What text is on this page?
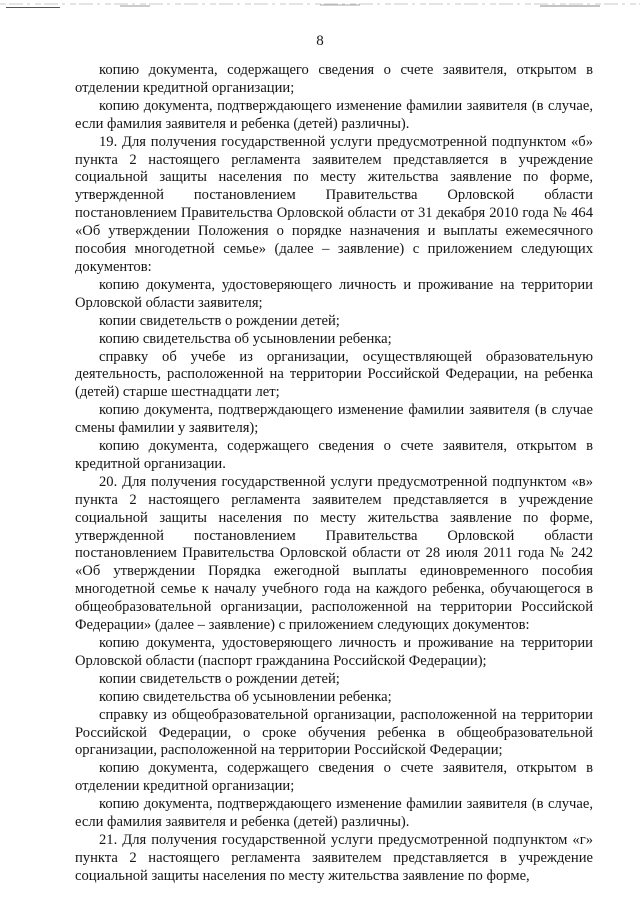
8

копию документа, содержащего сведения о счете заявителя, открытом в отделении кредитной организации;

копию документа, подтверждающего изменение фамилии заявителя (в случае, если фамилия заявителя и ребенка (детей) различны).

19. Для получения государственной услуги предусмотренной подпунктом «б» пункта 2 настоящего регламента заявителем представляется в учреждение социальной защиты населения по месту жительства заявление по форме, утвержденной постановлением Правительства Орловской области постановлением Правительства Орловской области от 31 декабря 2010 года № 464 «Об утверждении Положения о порядке назначения и выплаты ежемесячного пособия многодетной семье» (далее – заявление) с приложением следующих документов:

копию документа, удостоверяющего личность и проживание на территории Орловской области заявителя;

копии свидетельств о рождении детей;

копию свидетельства об усыновлении ребенка;

справку об учебе из организации, осуществляющей образовательную деятельность, расположенной на территории Российской Федерации, на ребенка (детей) старше шестнадцати лет;

копию документа, подтверждающего изменение фамилии заявителя (в случае смены фамилии у заявителя);

копию документа, содержащего сведения о счете заявителя, открытом в кредитной организации.

20. Для получения государственной услуги предусмотренной подпунктом «в» пункта 2 настоящего регламента заявителем представляется в учреждение социальной защиты населения по месту жительства заявление по форме, утвержденной постановлением Правительства Орловской области постановлением Правительства Орловской области от 28 июля 2011 года № 242 «Об утверждении Порядка ежегодной выплаты единовременного пособия многодетной семье к началу учебного года на каждого ребенка, обучающегося в общеобразовательной организации, расположенной на территории Российской Федерации» (далее – заявление) с приложением следующих документов:

копию документа, удостоверяющего личность и проживание на территории Орловской области (паспорт гражданина Российской Федерации);

копии свидетельств о рождении детей;

копию свидетельства об усыновлении ребенка;

справку из общеобразовательной организации, расположенной на территории Российской Федерации, о сроке обучения ребенка в общеобразовательной организации, расположенной на территории Российской Федерации;

копию документа, содержащего сведения о счете заявителя, открытом в отделении кредитной организации;

копию документа, подтверждающего изменение фамилии заявителя (в случае, если фамилия заявителя и ребенка (детей) различны).

21. Для получения государственной услуги предусмотренной подпунктом «г» пункта 2 настоящего регламента заявителем представляется в учреждение социальной защиты населения по месту жительства заявление по форме,
